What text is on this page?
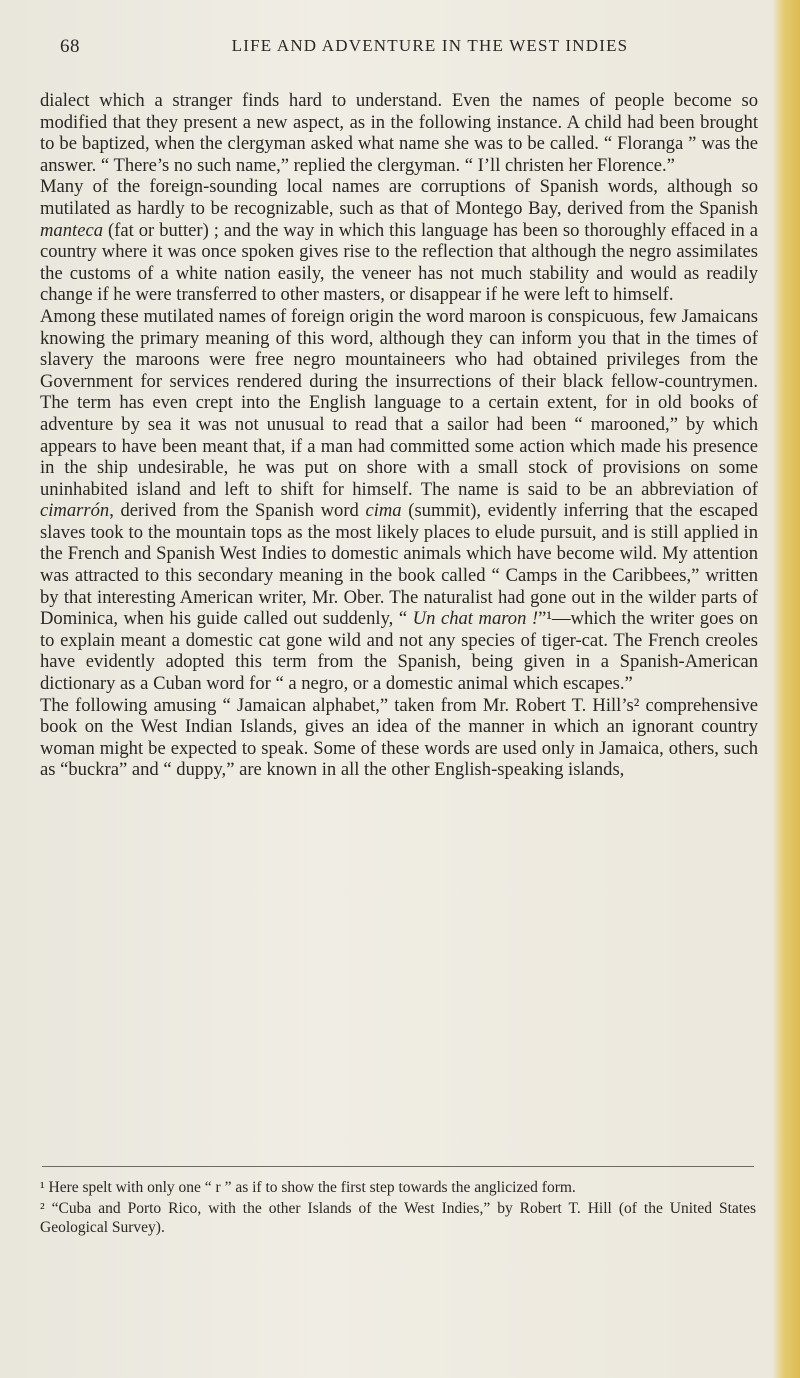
68	LIFE AND ADVENTURE IN THE WEST INDIES

dialect which a stranger finds hard to understand. Even the names of people become so modified that they present a new aspect, as in the following instance. A child had been brought to be baptized, when the clergyman asked what name she was to be called. “ Floranga ” was the answer. “ There’s no such name,” replied the clergyman. “ I’ll christen her Florence.”

Many of the foreign-sounding local names are corruptions of Spanish words, although so mutilated as hardly to be recognizable, such as that of Montego Bay, derived from the Spanish manteca (fat or butter) ; and the way in which this language has been so thoroughly effaced in a country where it was once spoken gives rise to the reflection that although the negro assimilates the customs of a white nation easily, the veneer has not much stability and would as readily change if he were transferred to other masters, or disappear if he were left to himself.

Among these mutilated names of foreign origin the word maroon is conspicuous, few Jamaicans knowing the primary meaning of this word, although they can inform you that in the times of slavery the maroons were free negro mountaineers who had obtained privileges from the Government for services rendered during the insurrections of their black fellow-countrymen. The term has even crept into the English language to a certain extent, for in old books of adventure by sea it was not unusual to read that a sailor had been “ marooned,” by which appears to have been meant that, if a man had committed some action which made his presence in the ship undesirable, he was put on shore with a small stock of provisions on some uninhabited island and left to shift for himself. The name is said to be an abbreviation of cimarrón, derived from the Spanish word cima (summit), evidently inferring that the escaped slaves took to the mountain tops as the most likely places to elude pursuit, and is still applied in the French and Spanish West Indies to domestic animals which have become wild. My attention was attracted to this secondary meaning in the book called “ Camps in the Caribbees,” written by that interesting American writer, Mr. Ober. The naturalist had gone out in the wilder parts of Dominica, when his guide called out suddenly, “ Un chat maron !”¹—which the writer goes on to explain meant a domestic cat gone wild and not any species of tiger-cat. The French creoles have evidently adopted this term from the Spanish, being given in a Spanish-American dictionary as a Cuban word for “ a negro, or a domestic animal which escapes.”

The following amusing “ Jamaican alphabet,” taken from Mr. Robert T. Hill’s² comprehensive book on the West Indian Islands, gives an idea of the manner in which an ignorant country woman might be expected to speak. Some of these words are used only in Jamaica, others, such as “buckra” and “ duppy,” are known in all the other English-speaking islands,

¹ Here spelt with only one “ r ” as if to show the first step towards the anglicized form.

² “Cuba and Porto Rico, with the other Islands of the West Indies,” by Robert T. Hill (of the United States Geological Survey).
